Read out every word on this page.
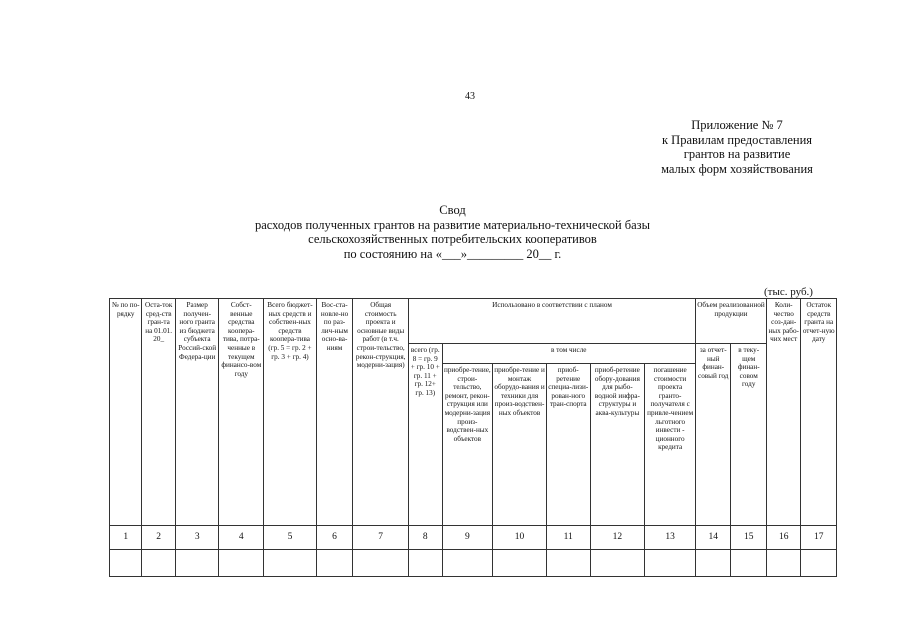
43
Приложение № 7
к Правилам предоставления
грантов на развитие
малых форм хозяйствования
Свод
расходов полученных грантов на развитие материально-технической базы
сельскохозяйственных потребительских кооперативов
по состоянию на «___»_________ 20__ г.
(тыс. руб.)
№ по по-рядку	Оста-ток сред-ств гран-та на 01.01. 20_	Размер получен-ного гранта из бюджета субъекта Россий-ской Федера-ции	Собст-венные средства коопера-тива, потра-ченные в текущем финансо-вом году	Всего бюджет-ных средств и собствен-ных средств коопера-тива (гр. 5 = гр. 2 + гр. 3 + гр. 4)	Вос-ста-новле-но по раз-лич-ным осно-ва-ниям	Общая стоимость проекта и основные виды работ (в т.ч. строи-тельство, рекон-струкция, модерни-зация)	Использовано в соответствии с планом						Объем реализованной продукции		Коли-чество соз-дан-ных рабо-чих мест	Остаток средств гранта на отчет-ную дату
							всего (гр. 8 = гр. 9 + гр. 10 + гр. 11 + гр. 12+ гр. 13)	в том числе					за отчет-ный финан-совый год	в теку-щем финан-совом году		
								приобре-тение, строи-тельство, ремонт, рекон-струкция или модерни-зация произ-водствен-ных объектов	приобре-тение и монтаж оборудо-вания и техники для произ-водствен-ных объектов	приоб-ретение специа-лизи-рован-ного тран-спорта	приоб-ретение обору-дования для рыбо-водной инфра-структуры и аква-культуры	погашение стоимости проекта гранто-получателя с привле-чением льготного инвести - ционного кредита				
1	2	3	4	5	6	7	8	9	10	11	12	13	14	15	16	17
